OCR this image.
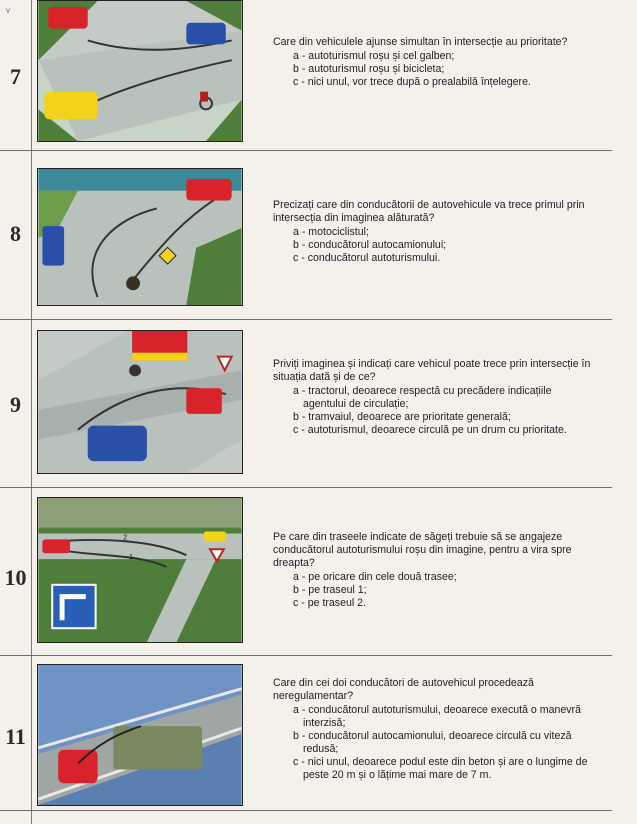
v
7

Care din vehiculele ajunse simultan în intersecție au prioritate?

a - autoturismul roșu și cel galben;

b - autoturismul roșu și bicicleta;

c - nici unul, vor trece după o prealabilă înțelegere.

8

Precizați care din conducătorii de autovehicule va trece primul prin intersecția din imaginea alăturată?

a - motociclistul;

b - conducătorul autocamionului;

c - conducătorul autoturismului.

9

Priviți imaginea și indicați care vehicul poate trece prin intersecție în situația dată și de ce?

a - tractorul, deoarece respectă cu precădere indicațiile agentului de circulație;

b - tramvaiul, deoarece are prioritate generală;

c - autoturismul, deoarece circulă pe un drum cu prioritate.

10
2
1

Pe care din traseele indicate de săgeți trebuie să se angajeze conducătorul autoturismului roșu din imagine, pentru a vira spre dreapta?

a - pe oricare din cele două trasee;

b - pe traseul 1;

c - pe traseul 2.

11

Care din cei doi conducători de autovehicul procedează neregulamentar?

a - conducătorul autoturismului, deoarece execută o manevră interzisă;

b - conducătorul autocamionului, deoarece circulă cu viteză redusă;

c - nici unul, deoarece podul este din beton și are o lungime de peste 20 m și o lățime mai mare de 7 m.
